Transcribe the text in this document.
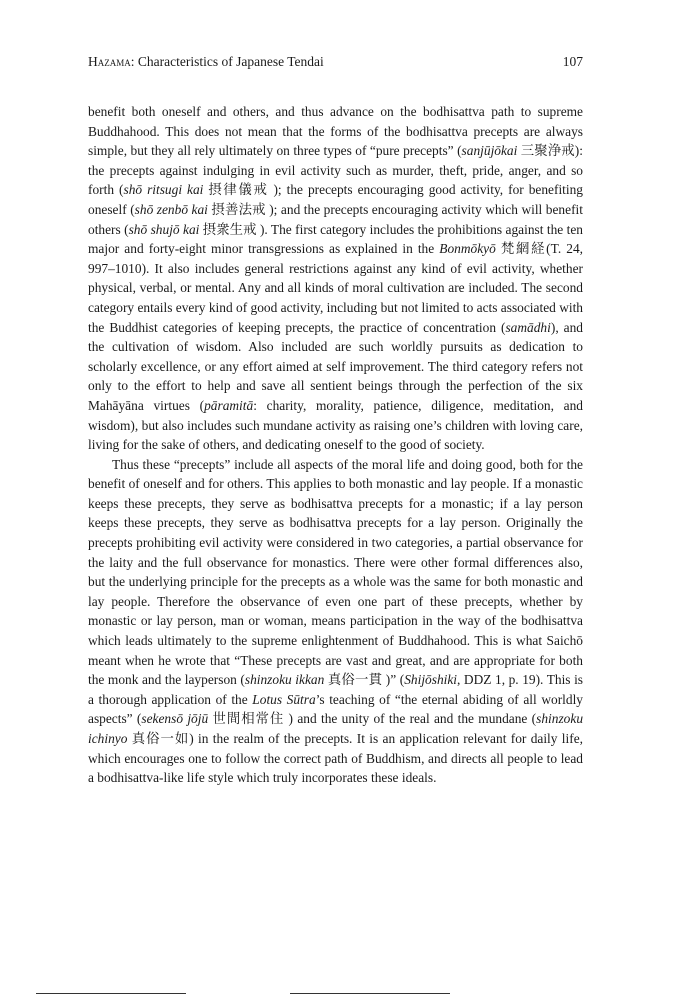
Hazama: Characteristics of Japanese Tendai	107

benefit both oneself and others, and thus advance on the bodhisattva path to supreme Buddhahood. This does not mean that the forms of the bodhisattva precepts are always simple, but they all rely ultimately on three types of “pure precepts” (sanjūjōkai 三聚浄戒): the precepts against indulging in evil activity such as murder, theft, pride, anger, and so forth (shō ritsugi kai 摂律儀戒 ); the precepts encouraging good activity, for benefiting oneself (shō zenbō kai 摂善法戒 ); and the precepts encouraging activity which will benefit others (shō shujō kai 摂衆生戒 ). The first category includes the prohibitions against the ten major and forty-eight minor transgressions as explained in the Bonmōkyō 梵網経(T. 24, 997–1010). It also includes general restrictions against any kind of evil activity, whether physical, verbal, or mental. Any and all kinds of moral cultivation are included. The second category entails every kind of good activity, including but not limited to acts associated with the Buddhist categories of keeping precepts, the practice of concentration (samādhi), and the cultivation of wisdom. Also included are such worldly pursuits as dedication to scholarly excellence, or any effort aimed at self improvement. The third category refers not only to the effort to help and save all sentient beings through the perfection of the six Mahāyāna virtues (pāramitā: charity, morality, patience, diligence, meditation, and wisdom), but also includes such mundane activity as raising one’s children with loving care, living for the sake of others, and dedicating oneself to the good of society.

Thus these “precepts” include all aspects of the moral life and doing good, both for the benefit of oneself and for others. This applies to both monastic and lay people. If a monastic keeps these precepts, they serve as bodhisattva precepts for a monastic; if a lay person keeps these precepts, they serve as bodhisattva precepts for a lay person. Originally the precepts prohibiting evil activity were considered in two categories, a partial observance for the laity and the full observance for monastics. There were other formal differences also, but the underlying principle for the precepts as a whole was the same for both monastic and lay people. Therefore the observance of even one part of these precepts, whether by monastic or lay person, man or woman, means participation in the way of the bodhisattva which leads ultimately to the supreme enlightenment of Buddhahood. This is what Saichō meant when he wrote that “These precepts are vast and great, and are appropriate for both the monk and the layperson (shinzoku ikkan 真俗一貫 )” (Shijōshiki, DDZ 1, p. 19). This is a thorough application of the Lotus Sūtra’s teaching of “the eternal abiding of all worldly aspects” (sekensō jōjū 世間相常住 ) and the unity of the real and the mundane (shinzoku ichinyo 真俗一如) in the realm of the precepts. It is an application relevant for daily life, which encourages one to follow the correct path of Buddhism, and directs all people to lead a bodhisattva-like life style which truly incorporates these ideals.
